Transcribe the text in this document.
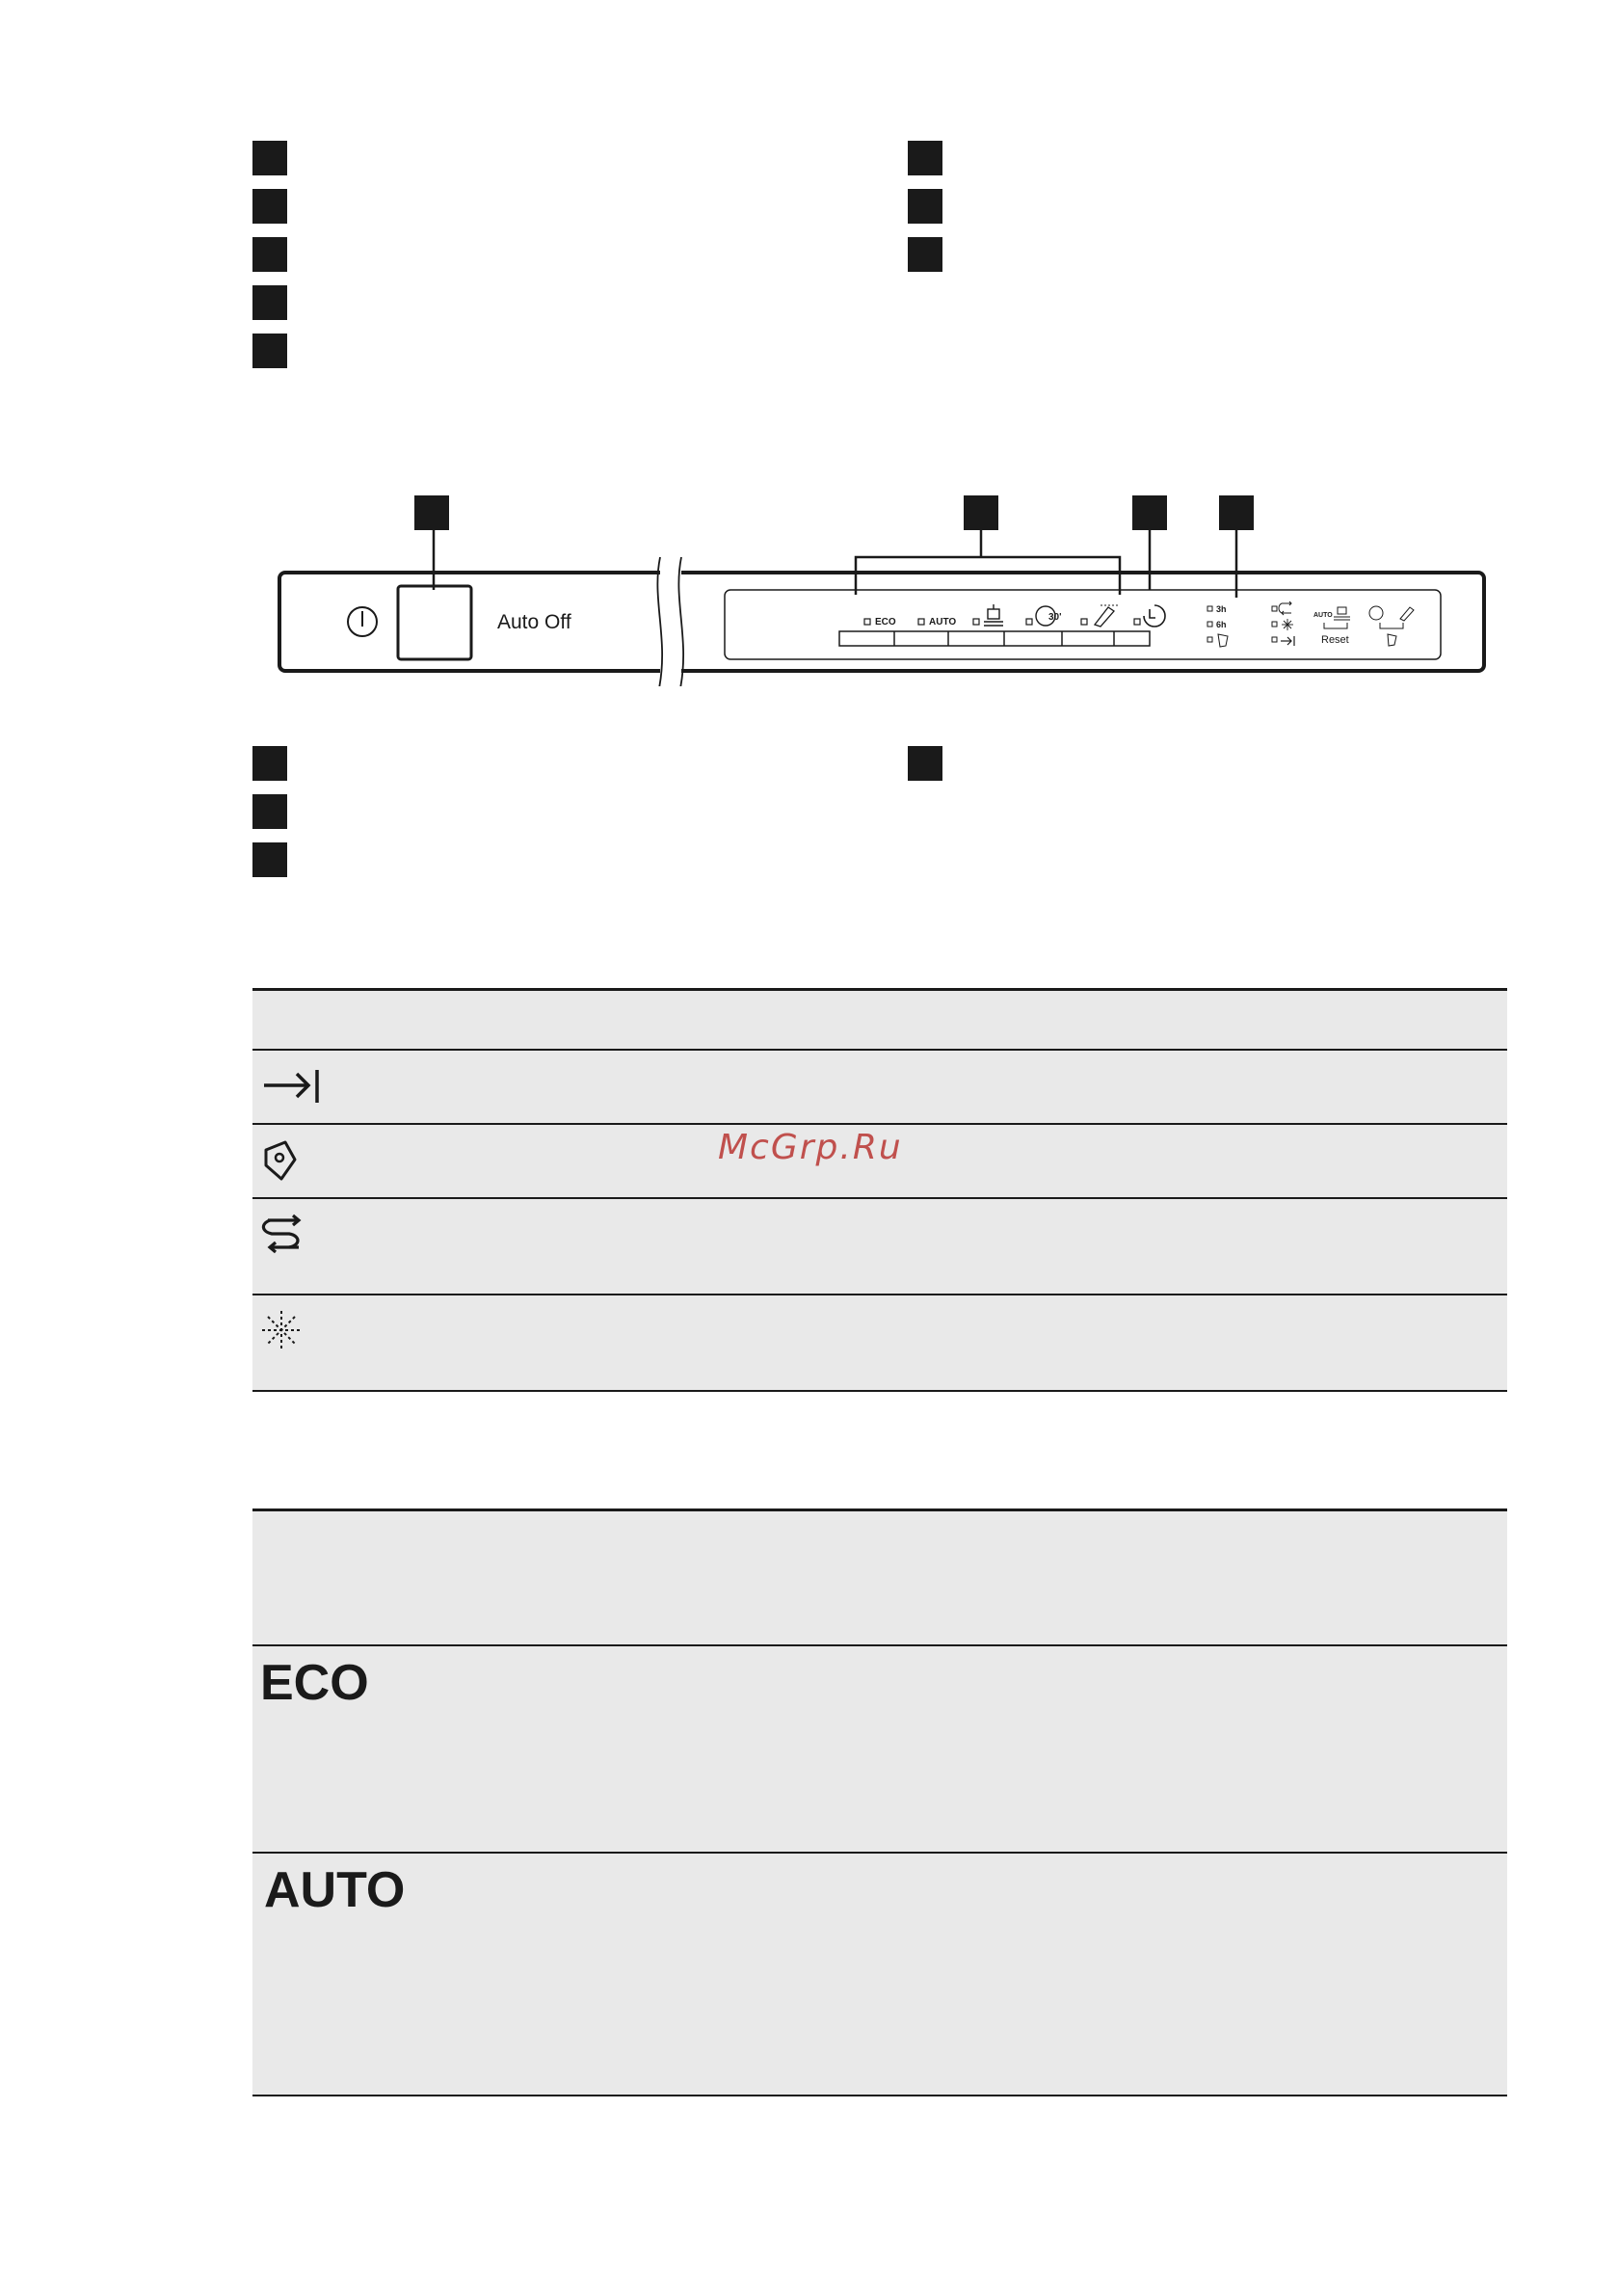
Auto Off	ECO	AUTO	30'
3h
6h
AUTO
Reset
McGrp.Ru
ECO
AUTO
